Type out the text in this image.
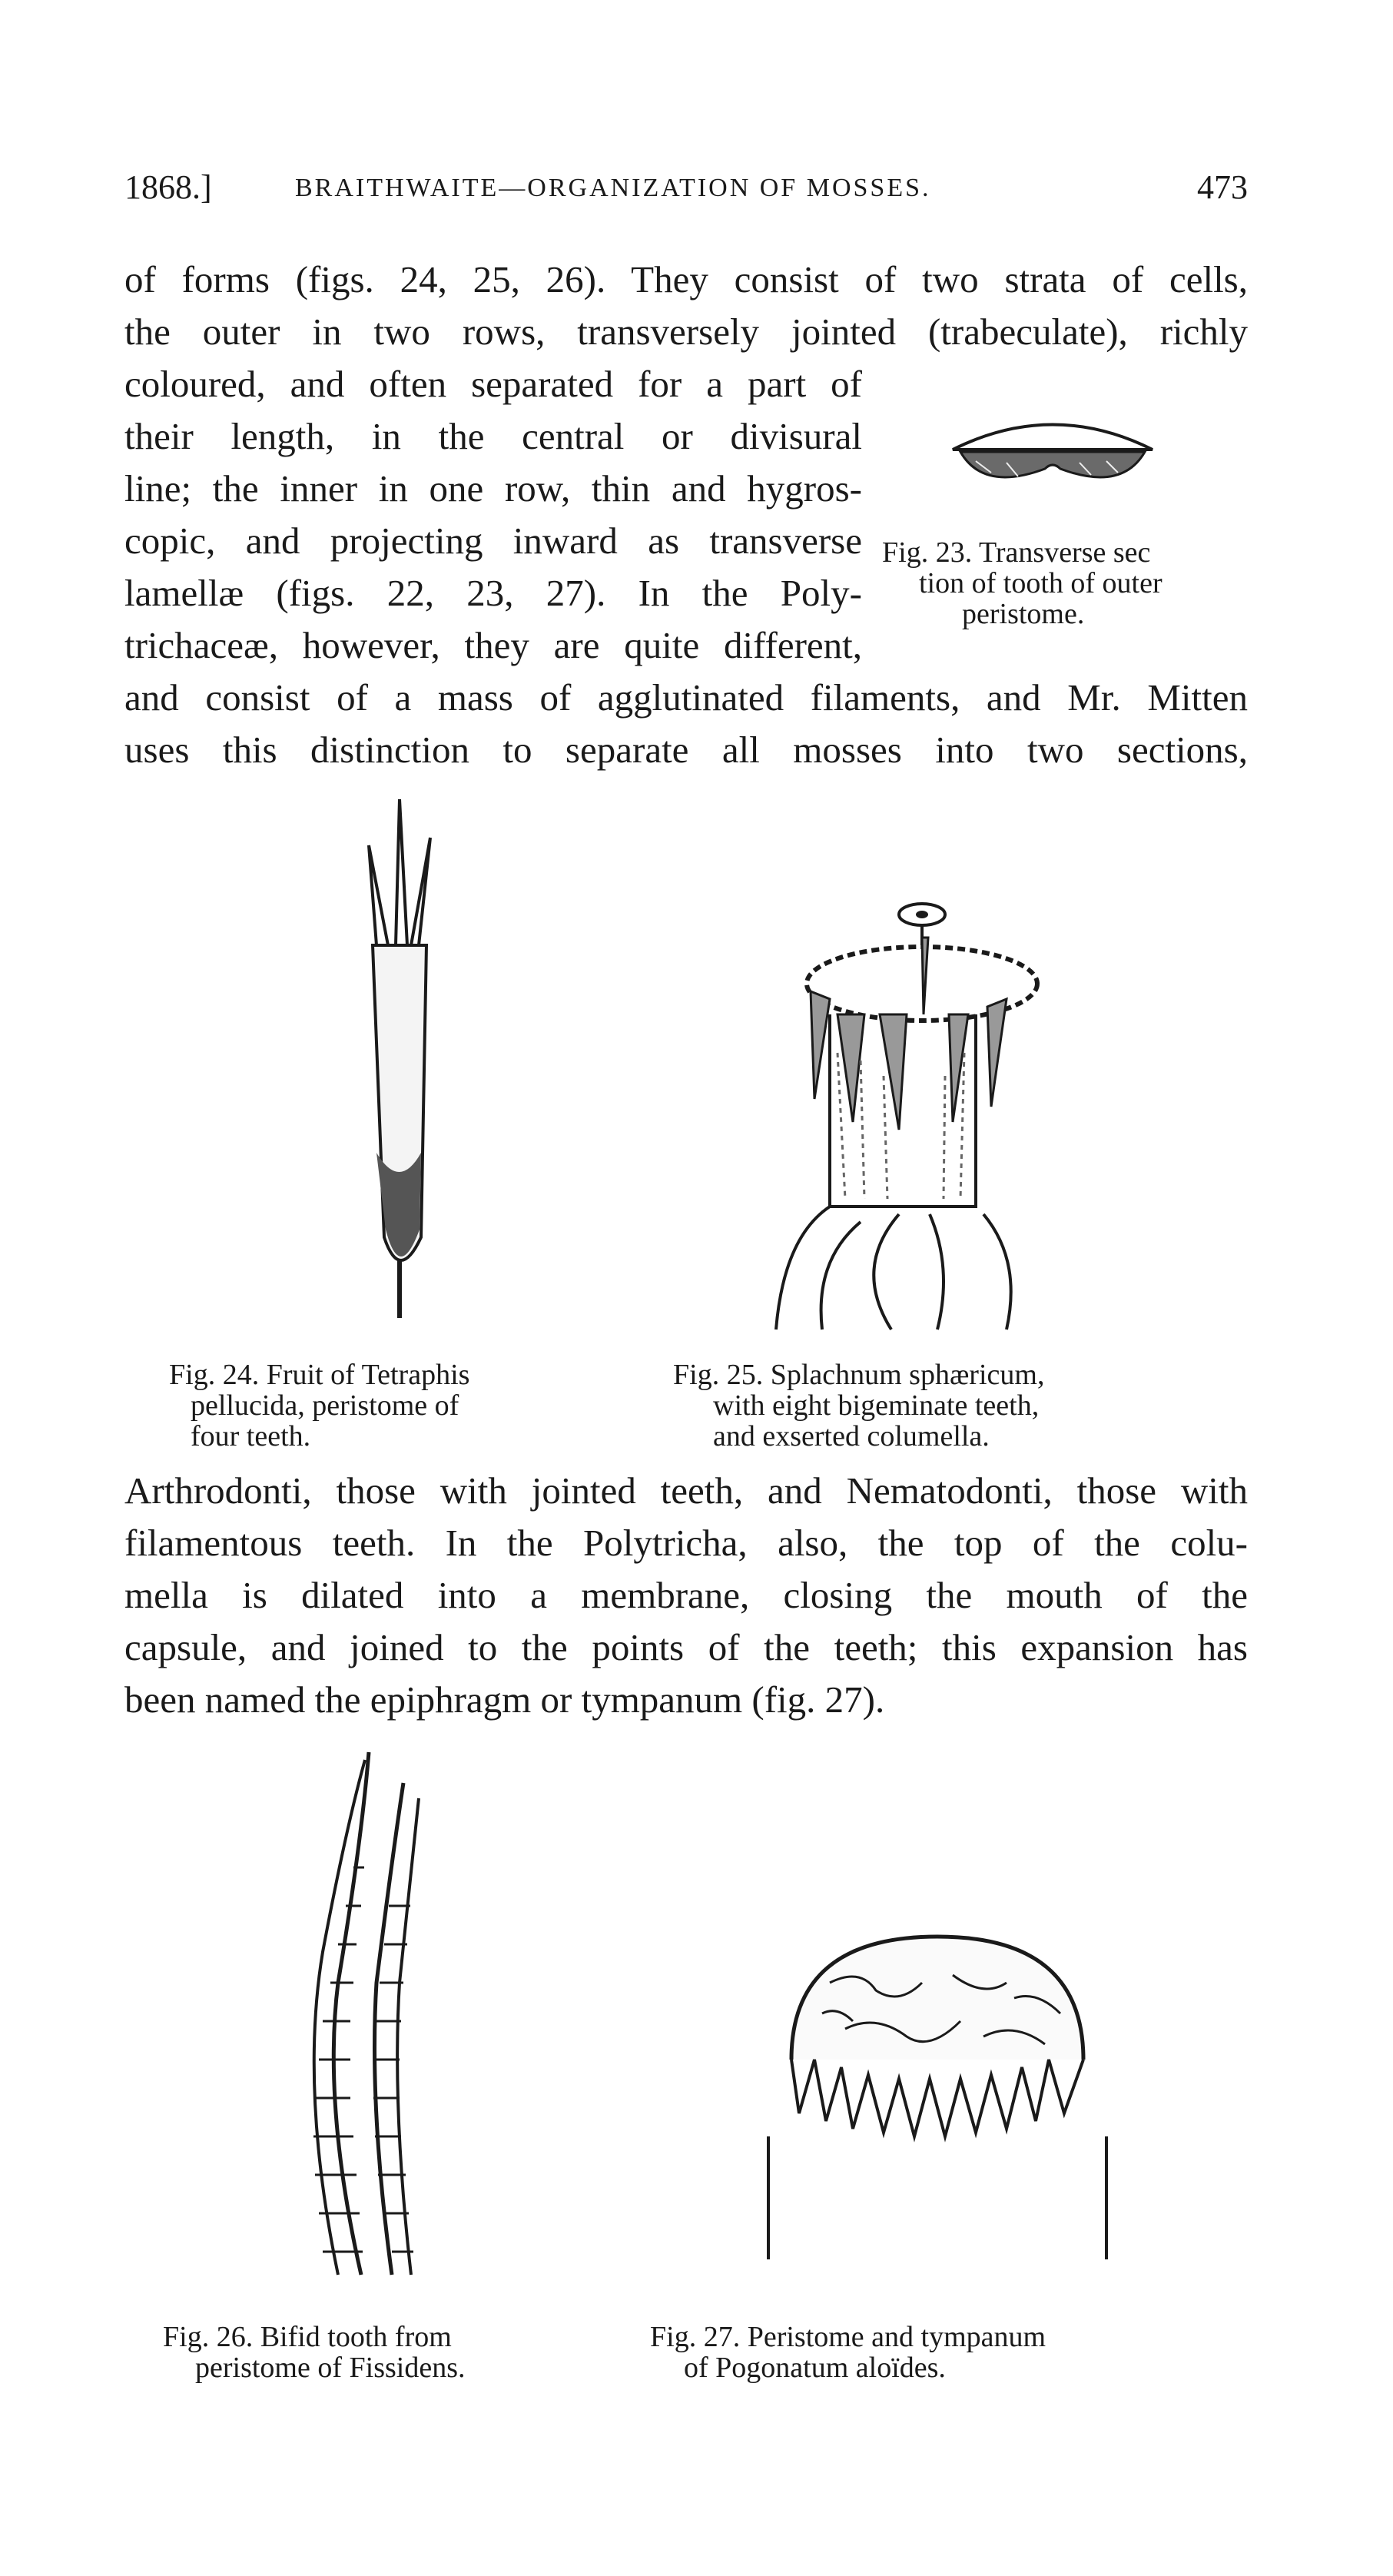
1868.]	BRAITHWAITE—ORGANIZATION OF MOSSES.	473
of forms (figs. 24, 25, 26). They consist of two strata of cells,
the outer in two rows, transversely jointed (trabeculate), richly
coloured, and often separated for a part of
their length, in the central or divisural
line; the inner in one row, thin and hygros-
copic, and projecting inward as transverse
lamellæ (figs. 22, 23, 27). In the Poly-
trichaceæ, however, they are quite different,
and consist of a mass of agglutinated filaments, and Mr. Mitten
uses this distinction to separate all mosses into two sections,
Fig. 23. Transverse sec
tion of tooth of outer
peristome.
Fig. 24. Fruit of Tetraphis
pellucida, peristome of
four teeth.
Fig. 25. Splachnum sphæricum,
with eight bigeminate teeth,
and exserted columella.
Arthrodonti, those with jointed teeth, and Nematodonti, those with
filamentous teeth. In the Polytricha, also, the top of the colu-
mella is dilated into a membrane, closing the mouth of the
capsule, and joined to the points of the teeth; this expansion has
been named the epiphragm or tympanum (fig. 27).
Fig. 26. Bifid tooth from
peristome of Fissidens.
Fig. 27. Peristome and tympanum
of Pogonatum aloïdes.
